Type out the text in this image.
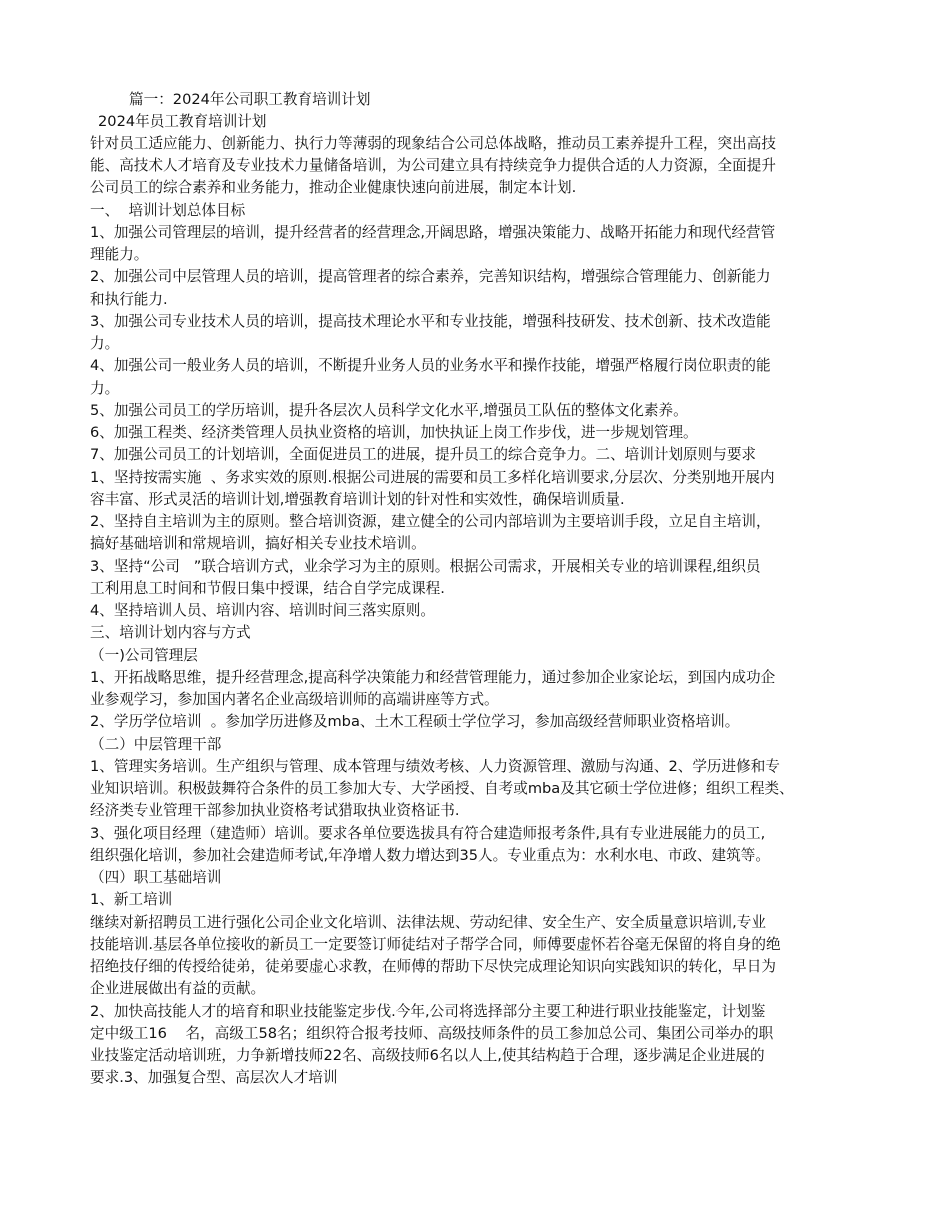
篇一：2024年公司职工教育培训计划
2024年员工教育培训计划
针对员工适应能力、创新能力、执行力等薄弱的现象结合公司总体战略，推动员工素养提升工程，突出高技
能、高技术人才培育及专业技术力量储备培训，为公司建立具有持续竞争力提供合适的人力资源，全面提升
公司员工的综合素养和业务能力，推动企业健康快速向前进展，制定本计划.
一、  培训计划总体目标
1、加强公司管理层的培训，提升经营者的经营理念,开阔思路，增强决策能力、战略开拓能力和现代经营管
理能力。
2、加强公司中层管理人员的培训，提高管理者的综合素养，完善知识结构，增强综合管理能力、创新能力
和执行能力.
3、加强公司专业技术人员的培训，提高技术理论水平和专业技能，增强科技研发、技术创新、技术改造能
力。
4、加强公司一般业务人员的培训，不断提升业务人员的业务水平和操作技能，增强严格履行岗位职责的能
力。
5、加强公司员工的学历培训，提升各层次人员科学文化水平,增强员工队伍的整体文化素养。
6、加强工程类、经济类管理人员执业资格的培训，加快执证上岗工作步伐，进一步规划管理。
7、加强公司员工的计划培训，全面促进员工的进展，提升员工的综合竞争力。二、培训计划原则与要求
1、坚持按需实施  、务求实效的原则.根据公司进展的需要和员工多样化培训要求,分层次、分类别地开展内
容丰富、形式灵活的培训计划,增强教育培训计划的针对性和实效性，确保培训质量.
2、坚持自主培训为主的原则。整合培训资源，建立健全的公司内部培训为主要培训手段，立足自主培训，
搞好基础培训和常规培训，搞好相关专业技术培训。
3、坚持“公司   ”联合培训方式，业余学习为主的原则。根据公司需求，开展相关专业的培训课程,组织员
工利用息工时间和节假日集中授课，结合自学完成课程.
4、坚持培训人员、培训内容、培训时间三落实原则。
三、培训计划内容与方式
（一)公司管理层
1、开拓战略思维，提升经营理念,提高科学决策能力和经营管理能力，通过参加企业家论坛，到国内成功企
业参观学习，参加国内著名企业高级培训师的高端讲座等方式。
2、学历学位培训  。参加学历进修及mba、土木工程硕士学位学习，参加高级经营师职业资格培训。
（二）中层管理干部
1、管理实务培训。生产组织与管理、成本管理与绩效考核、人力资源管理、激励与沟通、2、学历进修和专
业知识培训。积极鼓舞符合条件的员工参加大专、大学函授、自考或mba及其它硕士学位进修；组织工程类、
经济类专业管理干部参加执业资格考试猎取执业资格证书.
3、强化项目经理（建造师）培训。要求各单位要选拔具有符合建造师报考条件,具有专业进展能力的员工,
组织强化培训，参加社会建造师考试,年净增人数力增达到35人。专业重点为：水利水电、市政、建筑等。
（四）职工基础培训
1、新工培训
继续对新招聘员工进行强化公司企业文化培训、法律法规、劳动纪律、安全生产、安全质量意识培训,专业
技能培训.基层各单位接收的新员工一定要签订师徒结对子帮学合同，师傅要虚怀若谷毫无保留的将自身的绝
招绝技仔细的传授给徒弟，徒弟要虚心求教，在师傅的帮助下尽快完成理论知识向实践知识的转化，早日为
企业进展做出有益的贡献。
2、加快高技能人才的培育和职业技能鉴定步伐.今年,公司将选择部分主要工种进行职业技能鉴定，计划鉴
定中级工16    名，高级工58名；组织符合报考技师、高级技师条件的员工参加总公司、集团公司举办的职
业技鉴定活动培训班，力争新增技师22名、高级技师6名以人上,使其结构趋于合理，逐步满足企业进展的
要求.3、加强复合型、高层次人才培训
